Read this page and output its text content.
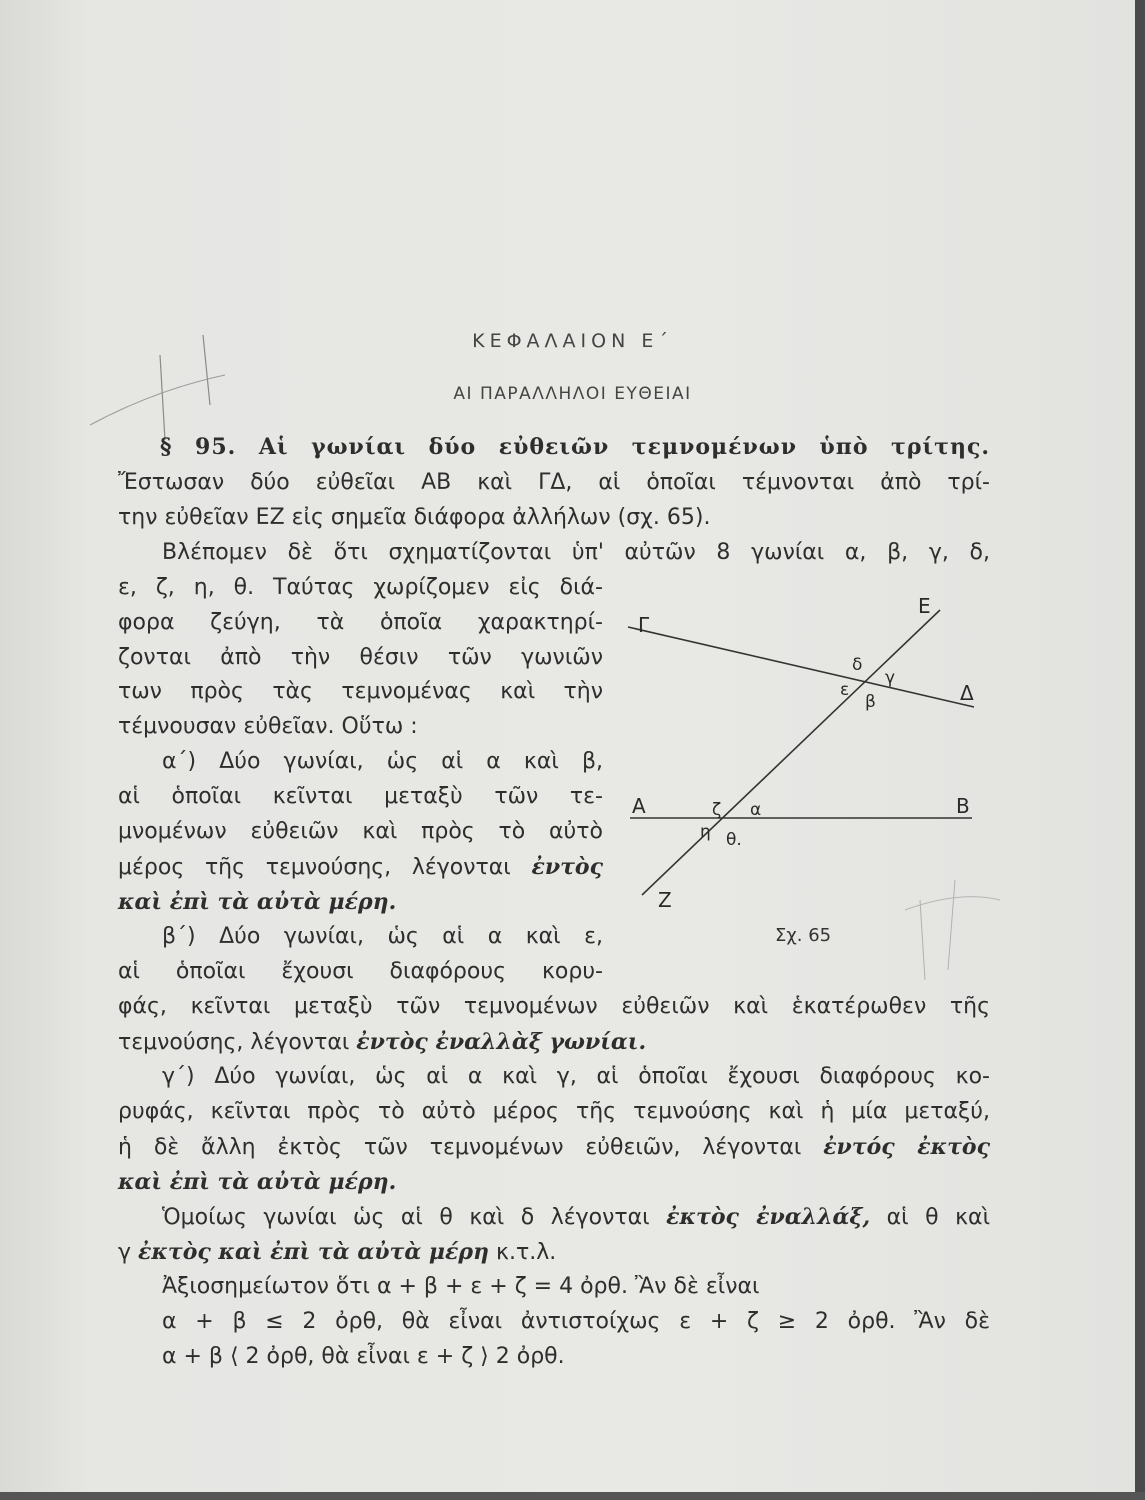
ΚΕΦΑΛΑΙΟΝ Ε΄
ΑΙ ΠΑΡΑΛΛΗΛΟΙ ΕΥΘΕΙΑΙ
§ 95. Αἱ γωνίαι δύο εὐθειῶν τεμνομένων ὑπὸ τρίτης.
Ἔστωσαν δύο εὐθεῖαι ΑΒ καὶ ΓΔ, αἱ ὁποῖαι τέμνονται ἀπὸ τρί-
την εὐθεῖαν ΕΖ εἰς σημεῖα διάφορα ἀλλήλων (σχ. 65).
Βλέπομεν δὲ ὅτι σχηματίζονται ὑπ' αὐτῶν 8 γωνίαι α, β, γ, δ,
ε, ζ, η, θ. Ταύτας χωρίζομεν εἰς διά-
φορα ζεύγη, τὰ ὁποῖα χαρακτηρί-
ζονται ἀπὸ τὴν θέσιν τῶν γωνιῶν
των πρὸς τὰς τεμνομένας καὶ τὴν
τέμνουσαν εὐθεῖαν. Οὕτω :
α΄) Δύο γωνίαι, ὡς αἱ α καὶ β,
αἱ ὁποῖαι κεῖνται μεταξὺ τῶν τε-
μνομένων εὐθειῶν καὶ πρὸς τὸ αὐτὸ
μέρος τῆς τεμνούσης, λέγονται ἐντὸς
καὶ ἐπὶ τὰ αὐτὰ μέρη.
β΄) Δύο γωνίαι, ὡς αἱ α καὶ ε,
αἱ ὁποῖαι ἔχουσι διαφόρους κορυ-
φάς, κεῖνται μεταξὺ τῶν τεμνομένων εὐθειῶν καὶ ἑκατέρωθεν τῆς
τεμνούσης, λέγονται ἐντὸς ἐναλλὰξ γωνίαι.
γ΄) Δύο γωνίαι, ὡς αἱ α καὶ γ, αἱ ὁποῖαι ἔχουσι διαφόρους κο-
ρυφάς, κεῖνται πρὸς τὸ αὐτὸ μέρος τῆς τεμνούσης καὶ ἡ μία μεταξύ,
ἡ δὲ ἄλλη ἐκτὸς τῶν τεμνομένων εὐθειῶν, λέγονται ἐντός ἐκτὸς
καὶ ἐπὶ τὰ αὐτὰ μέρη.
Ὁμοίως γωνίαι ὡς αἱ θ καὶ δ λέγονται ἐκτὸς ἐναλλάξ, αἱ θ καὶ
γ ἐκτὸς καὶ ἐπὶ τὰ αὐτὰ μέρη κ.τ.λ.
Ἀξιοσημείωτον ὅτι α + β + ε + ζ = 4 ὀρθ. Ἂν δὲ εἶναι
α + β ≤ 2 ὀρθ, θὰ εἶναι ἀντιστοίχως ε + ζ ≥ 2 ὀρθ. Ἂν δὲ
α + β ⟨ 2 ὀρθ, θὰ εἶναι ε + ζ ⟩ 2 ὀρθ.
Γ
Δ
Ε
Ζ
Α	Β
δ
γ
ε
β
ζ α
η θ.
Σχ. 65
